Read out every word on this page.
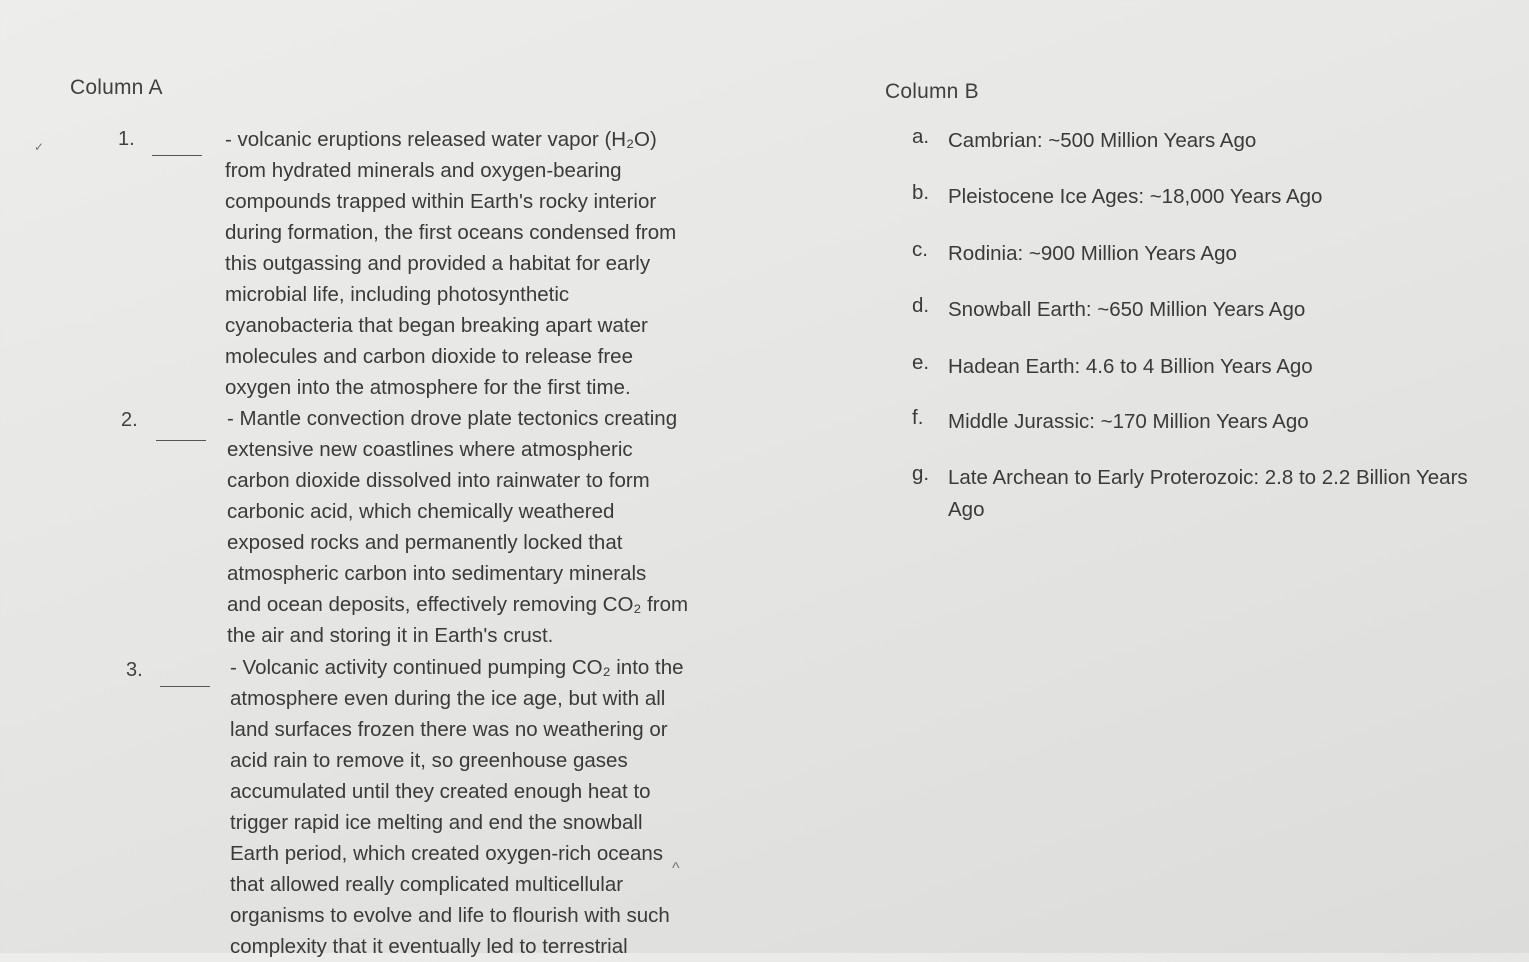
Column A	Column B
✓	1.	- volcanic eruptions released water vapor (H₂O)
from hydrated minerals and oxygen-bearing
compounds trapped within Earth's rocky interior
during formation, the first oceans condensed from
this outgassing and provided a habitat for early
microbial life, including photosynthetic
cyanobacteria that began breaking apart water
molecules and carbon dioxide to release free
oxygen into the atmosphere for the first time.

2.	- Mantle convection drove plate tectonics creating
extensive new coastlines where atmospheric
carbon dioxide dissolved into rainwater to form
carbonic acid, which chemically weathered
exposed rocks and permanently locked that
atmospheric carbon into sedimentary minerals
and ocean deposits, effectively removing CO₂ from
the air and storing it in Earth's crust.

3.	- Volcanic activity continued pumping CO₂ into the
atmosphere even during the ice age, but with all
land surfaces frozen there was no weathering or
acid rain to remove it, so greenhouse gases
accumulated until they created enough heat to
trigger rapid ice melting and end the snowball
Earth period, which created oxygen-rich oceans
that allowed really complicated multicellular
organisms to evolve and life to flourish with such
complexity that it eventually led to terrestrial

^
a. Cambrian: ~500 Million Years Ago
b. Pleistocene Ice Ages: ~18,000 Years Ago
c. Rodinia: ~900 Million Years Ago
d. Snowball Earth: ~650 Million Years Ago
e. Hadean Earth: 4.6 to 4 Billion Years Ago
f.	Middle Jurassic: ~170 Million Years Ago
g. Late Archean to Early Proterozoic: 2.8 to 2.2 Billion Years Ago
